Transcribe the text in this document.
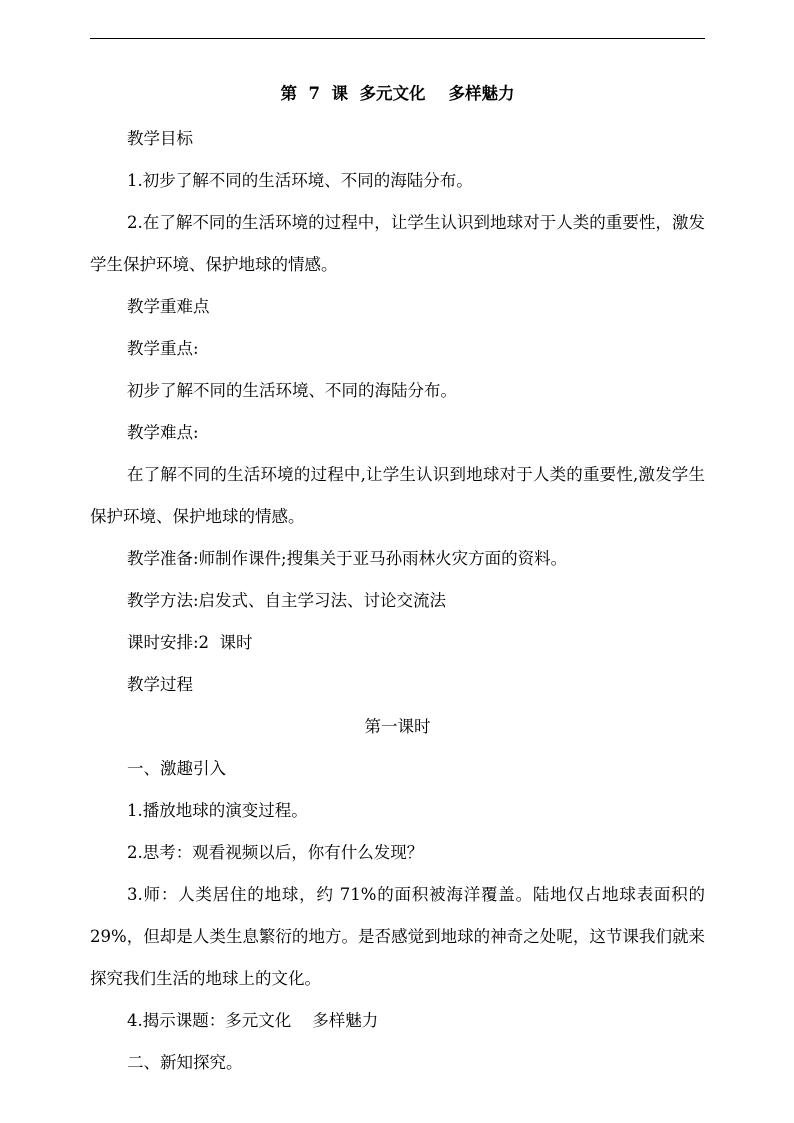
第  7  课  多元文化    多样魅力

教学目标

1.初步了解不同的生活环境、不同的海陆分布。

2.在了解不同的生活环境的过程中，让学生认识到地球对于人类的重要性，激发学生保护环境、保护地球的情感。

教学重难点

教学重点:

初步了解不同的生活环境、不同的海陆分布。

教学难点:

在了解不同的生活环境的过程中,让学生认识到地球对于人类的重要性,激发学生保护环境、保护地球的情感。

教学准备:师制作课件;搜集关于亚马孙雨林火灾方面的资料。

教学方法:启发式、自主学习法、讨论交流法

课时安排:2  课时

教学过程

第一课时

一、激趣引入

1.播放地球的演变过程。

2.思考：观看视频以后，你有什么发现？

3.师：人类居住的地球，约 71%的面积被海洋覆盖。陆地仅占地球表面积的 29%，但却是人类生息繁衍的地方。是否感觉到地球的神奇之处呢，这节课我们就来探究我们生活的地球上的文化。

4.揭示课题：多元文化    多样魅力

二、新知探究。
